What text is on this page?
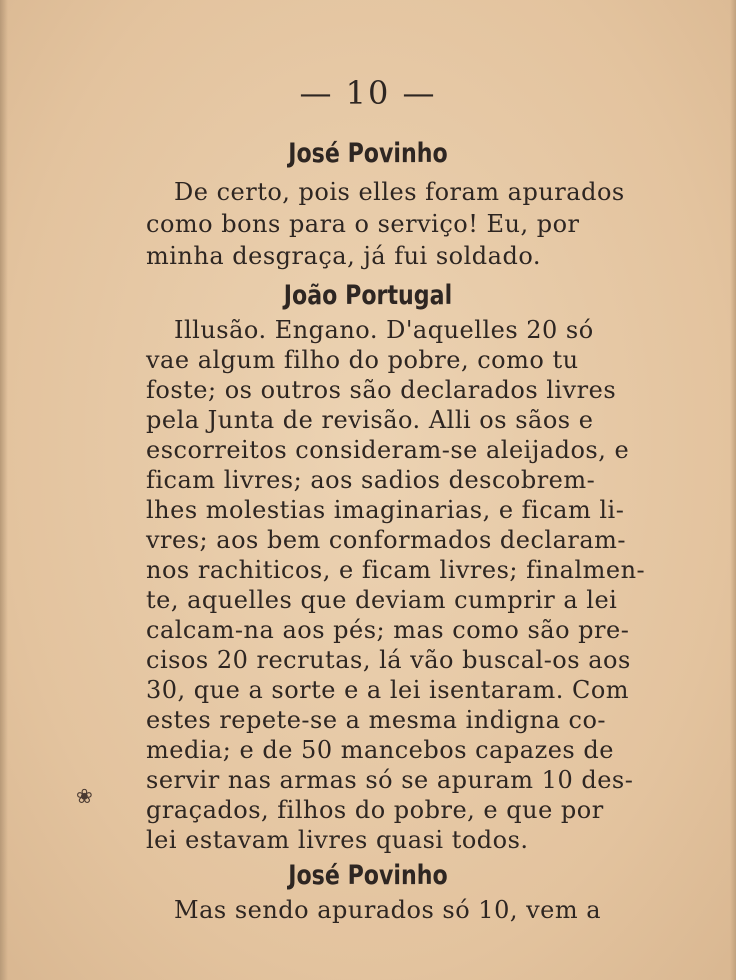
— 10 —
José Povinho
De certo, pois elles foram apurados
como bons para o serviço! Eu, por
minha desgraça, já fui soldado.
João Portugal
Illusão. Engano. D'aquelles 20 só
vae algum filho do pobre, como tu
foste; os outros são declarados livres
pela Junta de revisão. Alli os sãos e
escorreitos consideram-se aleijados, e
ficam livres; aos sadios descobrem-
lhes molestias imaginarias, e ficam li-
vres; aos bem conformados declaram-
nos rachiticos, e ficam livres; finalmen-
te, aquelles que deviam cumprir a lei
calcam-na aos pés; mas como são pre-
cisos 20 recrutas, lá vão buscal-os aos
30, que a sorte e a lei isentaram. Com
estes repete-se a mesma indigna co-
media; e de 50 mancebos capazes de
servir nas armas só se apuram 10 des-
graçados, filhos do pobre, e que por
lei estavam livres quasi todos.
José Povinho
Mas sendo apurados só 10, vem a
❀
